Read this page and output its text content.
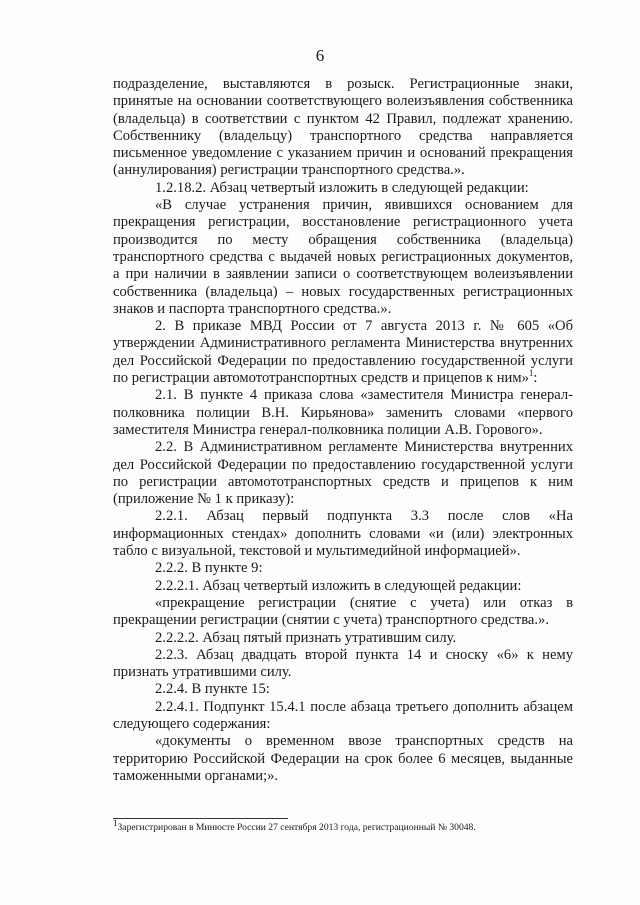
6

подразделение, выставляются в розыск. Регистрационные знаки, принятые на основании соответствующего волеизъявления собственника (владельца) в соответствии с пунктом 42 Правил, подлежат хранению. Собственнику (владельцу) транспортного средства направляется письменное уведомление с указанием причин и оснований прекращения (аннулирования) регистрации транспортного средства.».

1.2.18.2. Абзац четвертый изложить в следующей редакции:

«В случае устранения причин, явившихся основанием для прекращения регистрации, восстановление регистрационного учета производится по месту обращения собственника (владельца) транспортного средства с выдачей новых регистрационных документов, а при наличии в заявлении записи о соответствующем волеизъявлении собственника (владельца) – новых государственных регистрационных знаков и паспорта транспортного средства.».

2. В приказе МВД России от 7 августа 2013 г. № 605 «Об утверждении Административного регламента Министерства внутренних дел Российской Федерации по предоставлению государственной услуги по регистрации автомототранспортных средств и прицепов к ним»$^1$:

2.1. В пункте 4 приказа слова «заместителя Министра генерал-полковника полиции В.Н. Кирьянова» заменить словами «первого заместителя Министра генерал-полковника полиции А.В. Горового».

2.2. В Административном регламенте Министерства внутренних дел Российской Федерации по предоставлению государственной услуги по регистрации автомототранспортных средств и прицепов к ним (приложение № 1 к приказу):

2.2.1. Абзац первый подпункта 3.3 после слов «На информационных стендах» дополнить словами «и (или) электронных табло с визуальной, текстовой и мультимедийной информацией».

2.2.2. В пункте 9:

2.2.2.1. Абзац четвертый изложить в следующей редакции:

«прекращение регистрации (снятие с учета) или отказ в прекращении регистрации (снятии с учета) транспортного средства.».

2.2.2.2. Абзац пятый признать утратившим силу.

2.2.3. Абзац двадцать второй пункта 14 и сноску «6» к нему признать утратившими силу.

2.2.4. В пункте 15:

2.2.4.1. Подпункт 15.4.1 после абзаца третьего дополнить абзацем следующего содержания:

«документы о временном ввозе транспортных средств на территорию Российской Федерации на срок более 6 месяцев, выданные таможенными органами;».

$^1$Зарегистрирован в Минюсте России 27 сентября 2013 года, регистрационный № 30048.
